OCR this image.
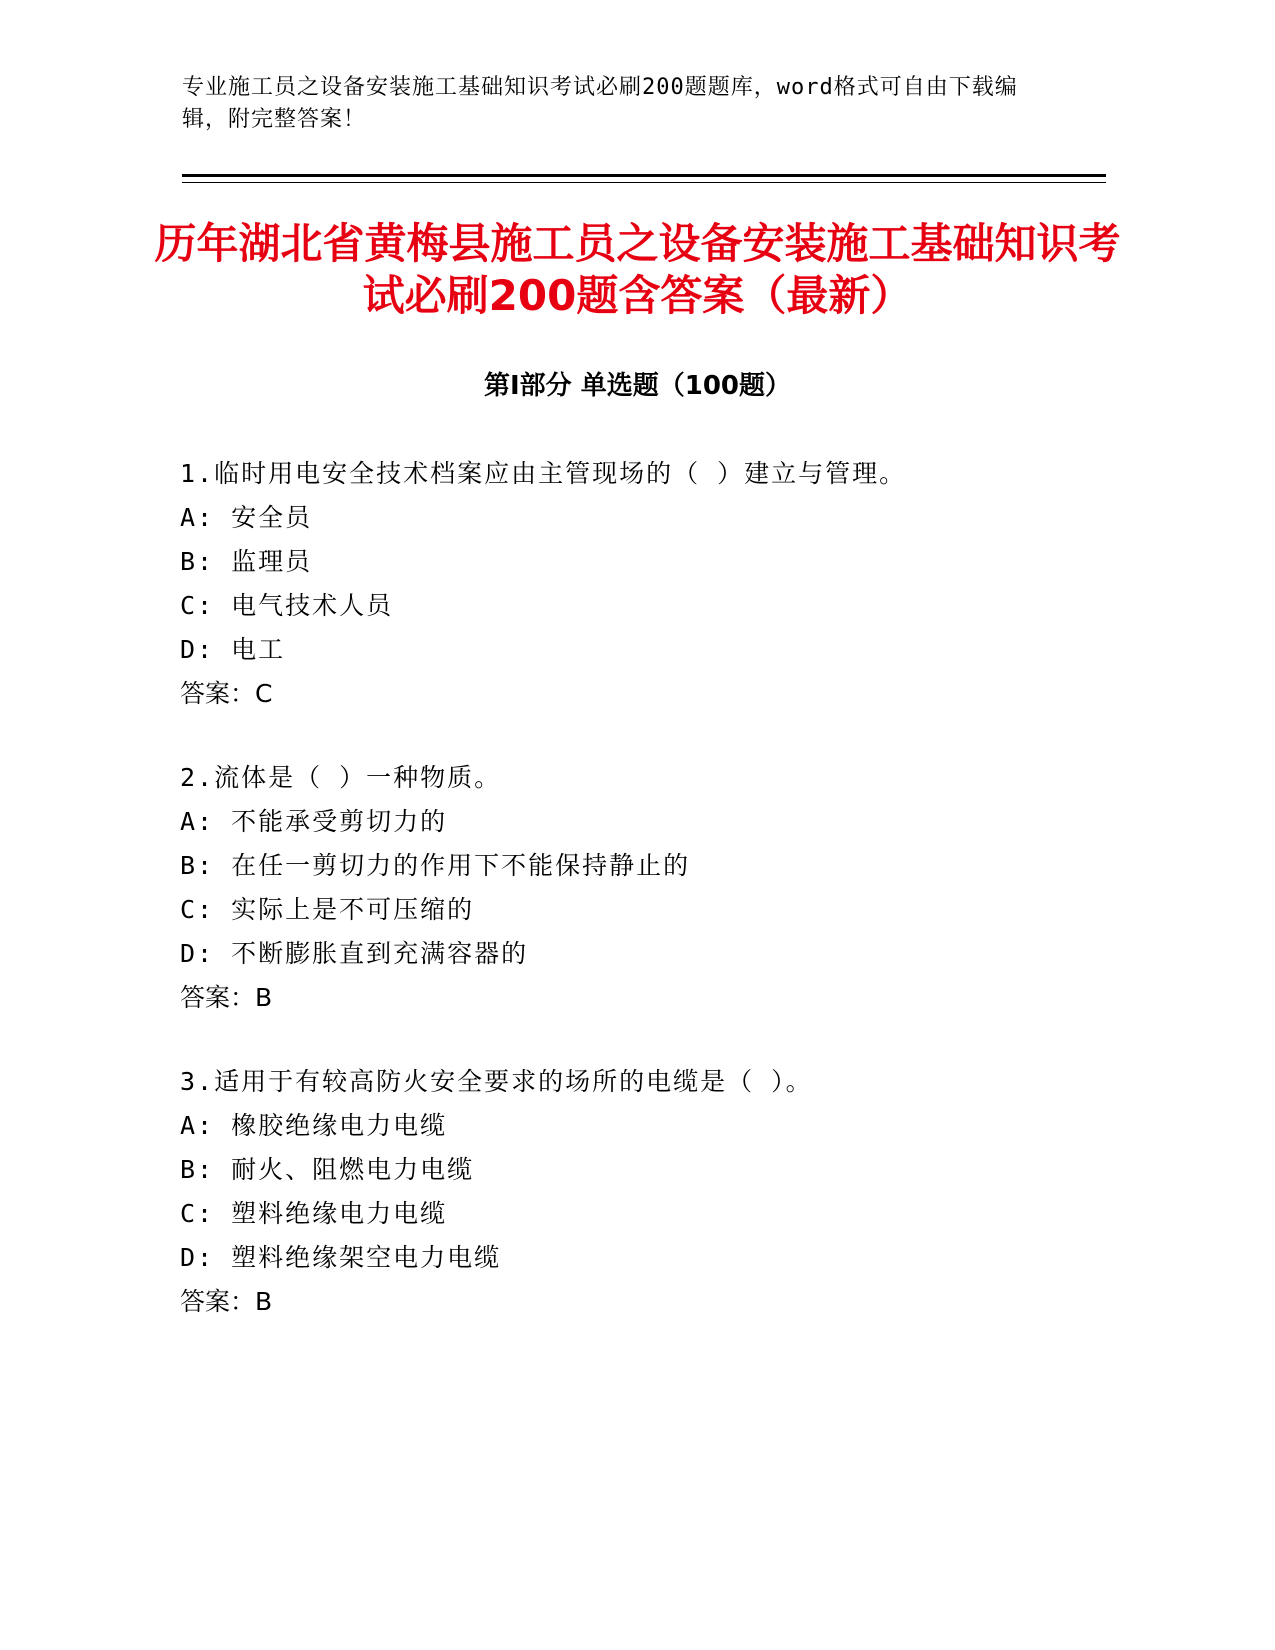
专业施工员之设备安装施工基础知识考试必刷200题题库，word格式可自由下载编辑，附完整答案！
历年湖北省黄梅县施工员之设备安装施工基础知识考试必刷200题含答案（最新）
第Ⅰ部分 单选题（100题）
1.临时用电安全技术档案应由主管现场的（ ）建立与管理。
A: 安全员
B: 监理员
C: 电气技术人员
D: 电工
答案：C
2.流体是（ ）一种物质。
A: 不能承受剪切力的
B: 在任一剪切力的作用下不能保持静止的
C: 实际上是不可压缩的
D: 不断膨胀直到充满容器的
答案：B
3.适用于有较高防火安全要求的场所的电缆是（ ）。
A: 橡胶绝缘电力电缆
B: 耐火、阻燃电力电缆
C: 塑料绝缘电力电缆
D: 塑料绝缘架空电力电缆
答案：B
